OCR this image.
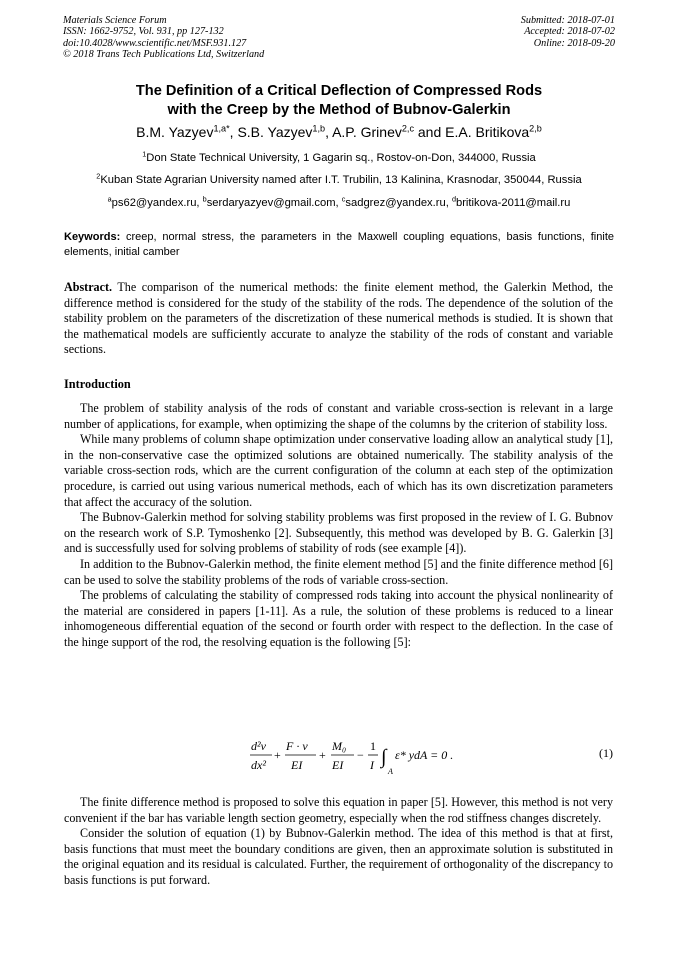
Materials Science Forum
ISSN: 1662-9752, Vol. 931, pp 127-132
doi:10.4028/www.scientific.net/MSF.931.127
© 2018 Trans Tech Publications Ltd, Switzerland
Submitted: 2018-07-01
Accepted: 2018-07-02
Online: 2018-09-20
The Definition of a Critical Deflection of Compressed Rods
with the Creep by the Method of Bubnov-Galerkin
B.M. Yazyev$^{1,a*}$, S.B. Yazyev$^{1,b}$, A.P. Grinev$^{2,c}$ and E.A. Britikova$^{2,b}$
$^1$Don State Technical University, 1 Gagarin sq., Rostov-on-Don, 344000, Russia
$^2$Kuban State Agrarian University named after I.T. Trubilin, 13 Kalinina, Krasnodar, 350044, Russia
$^a$ps62@yandex.ru, $^b$serdaryazyev@gmail.com, $^c$sadgrez@yandex.ru, $^d$britikova-2011@mail.ru
Keywords: creep, normal stress, the parameters in the Maxwell coupling equations, basis functions, finite elements, initial camber

Abstract. The comparison of the numerical methods: the finite element method, the Galerkin Method, the difference method is considered for the study of the stability of the rods. The dependence of the solution of the stability problem on the parameters of the discretization of these numerical methods is studied. It is shown that the mathematical models are sufficiently accurate to analyze the stability of the rods of constant and variable sections.

Introduction

The problem of stability analysis of the rods of constant and variable cross-section is relevant in a large number of applications, for example, when optimizing the shape of the columns by the criterion of stability loss.

While many problems of column shape optimization under conservative loading allow an analytical study [1], in the non-conservative case the optimized solutions are obtained numerically. The stability analysis of the variable cross-section rods, which are the current configuration of the column at each step of the optimization procedure, is carried out using various numerical methods, each of which has its own discretization parameters that affect the accuracy of the solution.

The Bubnov-Galerkin method for solving stability problems was first proposed in the review of I. G. Bubnov on the research work of S.P. Tymoshenko [2]. Subsequently, this method was developed by B. G. Galerkin [3] and is successfully used for solving problems of stability of rods (see example [4]).

In addition to the Bubnov-Galerkin method, the finite element method [5] and the finite difference method [6] can be used to solve the stability problems of the rods of variable cross-section.

The problems of calculating the stability of compressed rods taking into account the physical nonlinearity of the material are considered in papers [1-11]. As a rule, the solution of these problems is reduced to a linear inhomogeneous differential equation of the second or fourth order with respect to the deflection. In the case of the hinge support of the rod, the resolving equation is the following [5]:

d²v
dx²
+
F · v
EI
+
M₀
EI
−
1
I ∫
A
ε* ydA = 0 .	(1)

The finite difference method is proposed to solve this equation in paper [5]. However, this method is not very convenient if the bar has variable length section geometry, especially when the rod stiffness changes discretely.

Consider the solution of equation (1) by Bubnov-Galerkin method. The idea of this method is that at first, basis functions that must meet the boundary conditions are given, then an approximate solution is substituted in the original equation and its residual is calculated. Further, the requirement of orthogonality of the discrepancy to basis functions is put forward.
